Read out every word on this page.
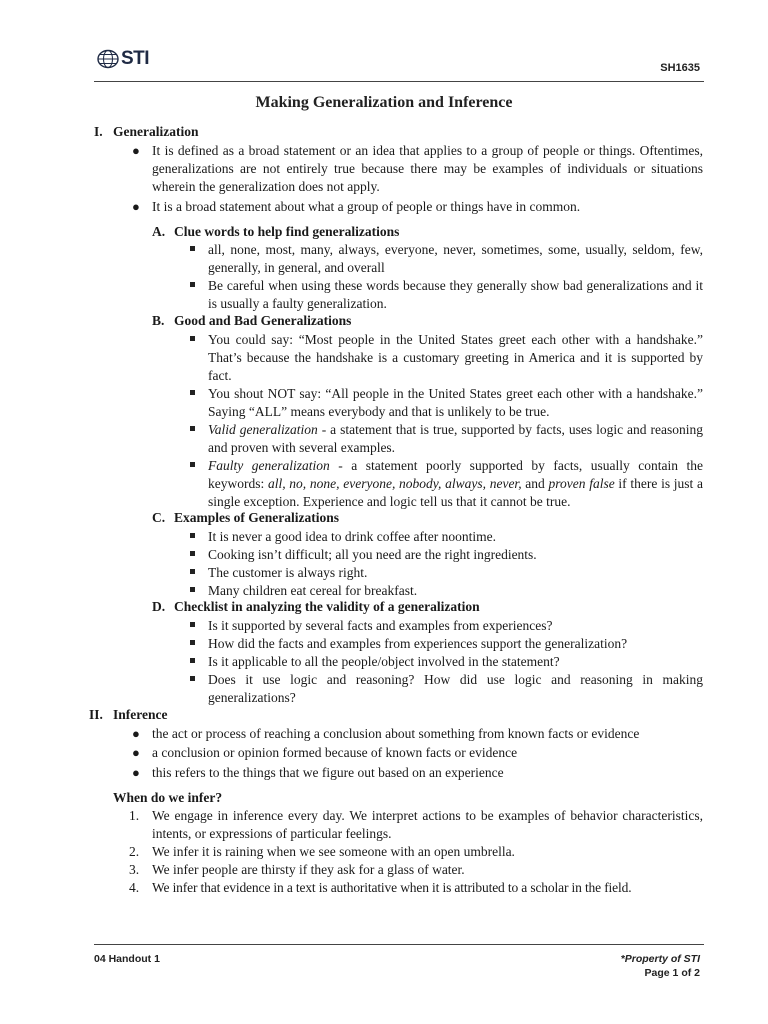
STI	SH1635
Making Generalization and Inference
I. Generalization
● It is defined as a broad statement or an idea that applies to a group of people or things. Oftentimes, generalizations are not entirely true because there may be examples of individuals or situations wherein the generalization does not apply.
● It is a broad statement about what a group of people or things have in common.
A. Clue words to help find generalizations
all, none, most, many, always, everyone, never, sometimes, some, usually, seldom, few, generally, in general, and overall
Be careful when using these words because they generally show bad generalizations and it is usually a faulty generalization.
B. Good and Bad Generalizations
You could say: “Most people in the United States greet each other with a handshake.” That’s because the handshake is a customary greeting in America and it is supported by fact.
You shout NOT say: “All people in the United States greet each other with a handshake.” Saying “ALL” means everybody and that is unlikely to be true.
Valid generalization - a statement that is true, supported by facts, uses logic and reasoning and proven with several examples.
Faulty generalization - a statement poorly supported by facts, usually contain the keywords: all, no, none, everyone, nobody, always, never, and proven false if there is just a single exception. Experience and logic tell us that it cannot be true.
C. Examples of Generalizations
It is never a good idea to drink coffee after noontime.
Cooking isn’t difficult; all you need are the right ingredients.
The customer is always right.
Many children eat cereal for breakfast.
D. Checklist in analyzing the validity of a generalization
Is it supported by several facts and examples from experiences?
How did the facts and examples from experiences support the generalization?
Is it applicable to all the people/object involved in the statement?
Does it use logic and reasoning? How did use logic and reasoning in making generalizations?
II. Inference
● the act or process of reaching a conclusion about something from known facts or evidence
● a conclusion or opinion formed because of known facts or evidence
● this refers to the things that we figure out based on an experience
When do we infer?
1. We engage in inference every day. We interpret actions to be examples of behavior characteristics, intents, or expressions of particular feelings.
2. We infer it is raining when we see someone with an open umbrella.
3. We infer people are thirsty if they ask for a glass of water.
4. We infer that evidence in a text is authoritative when it is attributed to a scholar in the field.
04 Handout 1	*Property of STI
Page 1 of 2
